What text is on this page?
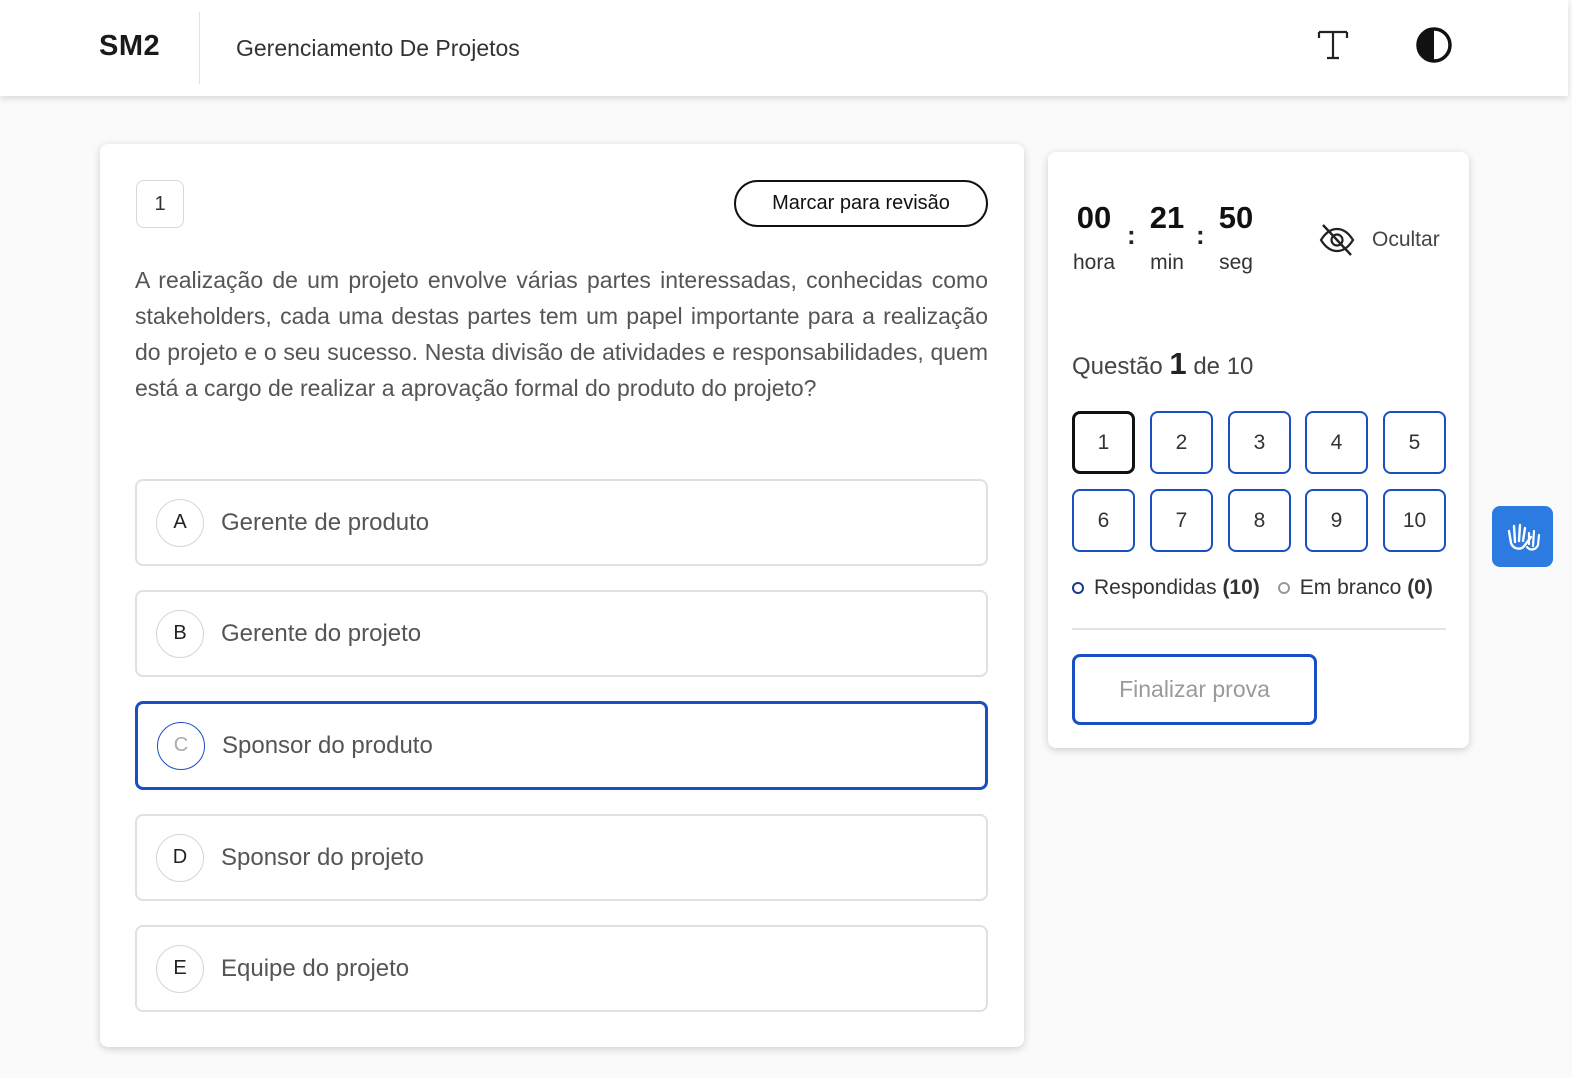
SM2	Gerenciamento De Projetos
1	Marcar para revisão
A realização de um projeto envolve várias partes interessadas, conhecidas como stakeholders, cada uma destas partes tem um papel importante para a realização do projeto e o seu sucesso. Nesta divisão de atividades e responsabilidades, quem está a cargo de realizar a aprovação formal do produto do projeto?
A	Gerente de produto
B	Gerente do projeto
C	Sponsor do produto
D	Sponsor do projeto
E	Equipe do projeto
00
hora
: 21
min
: 50
seg
Ocultar
Questão 1 de 10
1	2	3	4	5
6	7	8	9	10
Respondidas
(10) Em branco
(0)
Finalizar prova
